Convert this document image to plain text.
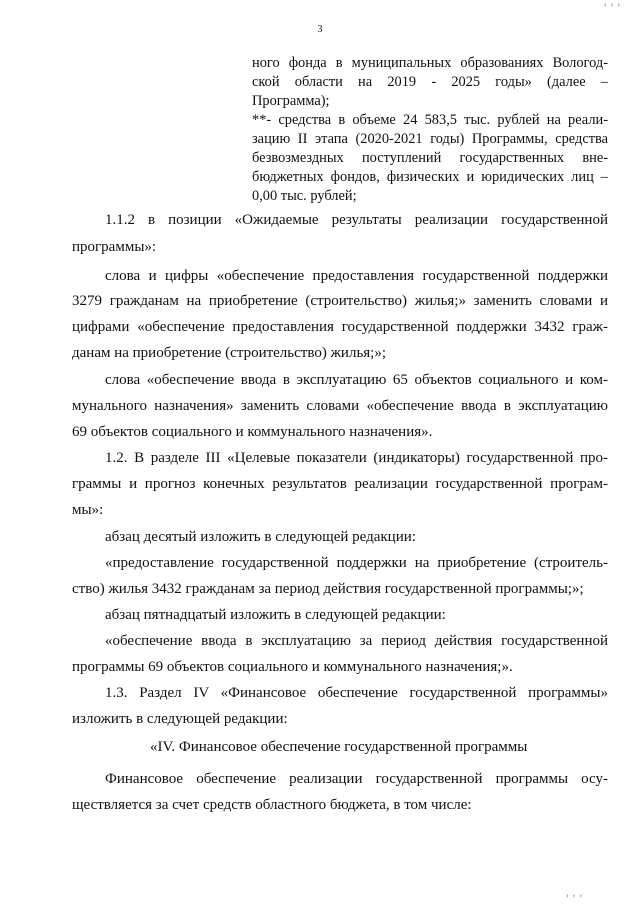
‹ ‹ ›
3
ного фонда в муниципальных образованиях Вологод-
ской области на 2019 - 2025 годы» (далее –
Программа);
**- средства в объеме 24 583,5 тыс. рублей на реали-
зацию II этапа (2020-2021 годы) Программы, средства
безвозмездных поступлений государственных вне-
бюджетных фондов, физических и юридических лиц –
0,00 тыс. рублей;
1.1.2 в позиции «Ожидаемые результаты реализации государственной
программы»:
слова и цифры «обеспечение предоставления государственной поддержки
3279 гражданам на приобретение (строительство) жилья;» заменить словами и
цифрами «обеспечение предоставления государственной поддержки 3432 граж-
данам на приобретение (строительство) жилья;»;
слова «обеспечение ввода в эксплуатацию 65 объектов социального и ком-
мунального назначения» заменить словами «обеспечение ввода в эксплуатацию
69 объектов социального и коммунального назначения».
1.2. В разделе III «Целевые показатели (индикаторы) государственной про-
граммы и прогноз конечных результатов реализации государственной програм-
мы»:
абзац десятый изложить в следующей редакции:
«предоставление государственной поддержки на приобретение (строитель-
ство) жилья 3432 гражданам за период действия государственной программы;»;
абзац пятнадцатый изложить в следующей редакции:
«обеспечение ввода в эксплуатацию за период действия государственной
программы 69 объектов социального и коммунального назначения;».
1.3. Раздел IV «Финансовое обеспечение государственной программы»
изложить в следующей редакции:
«IV. Финансовое обеспечение государственной программы
Финансовое обеспечение реализации государственной программы осу-
ществляется за счет средств областного бюджета, в том числе:
‹ ‹ ›
